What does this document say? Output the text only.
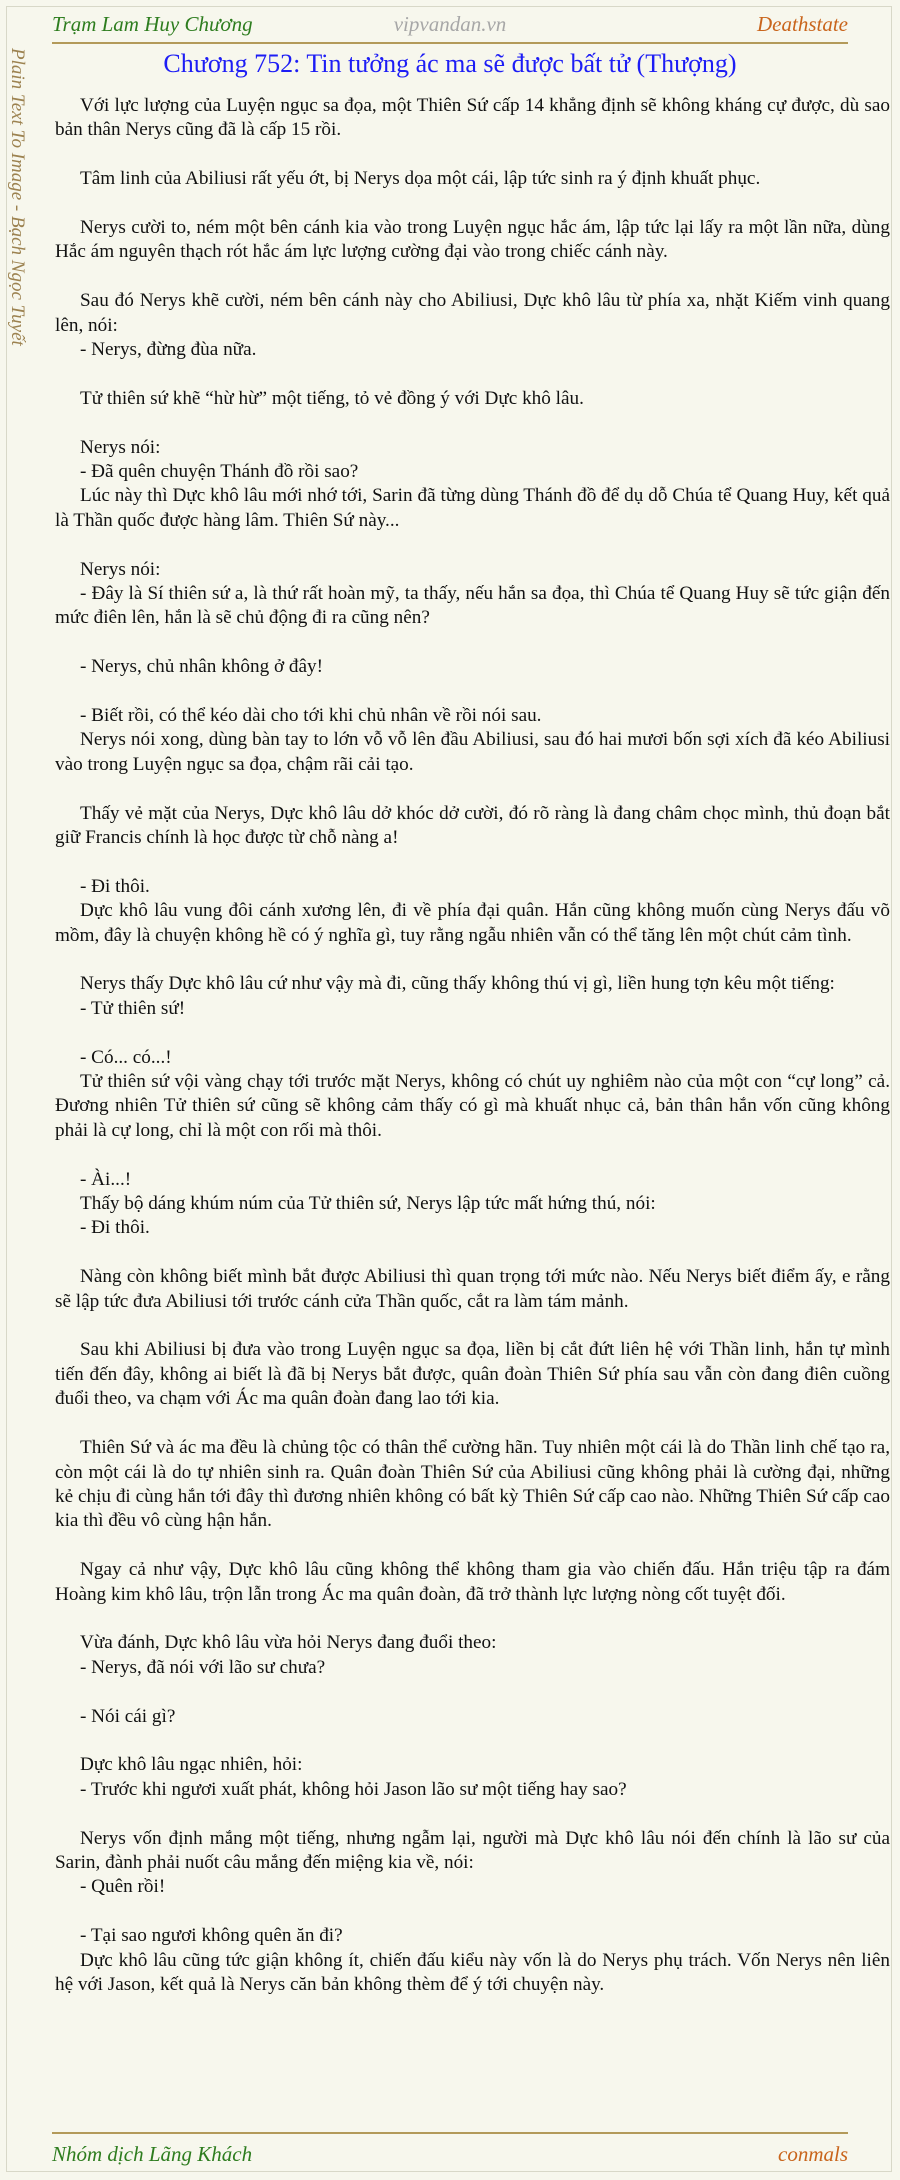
Trạm Lam Huy Chương	vipvandan.vn	Deathstate
Plain Text To Image - Bạch Ngọc Tuyết	Chương 752: Tin tưởng ác ma sẽ được bất tử (Thượng)

Với lực lượng của Luyện ngục sa đọa, một Thiên Sứ cấp 14 khẳng định sẽ không kháng cự được, dù sao bản thân Nerys cũng đã là cấp 15 rồi.

Tâm linh của Abiliusi rất yếu ớt, bị Nerys dọa một cái, lập tức sinh ra ý định khuất phục.

Nerys cười to, ném một bên cánh kia vào trong Luyện ngục hắc ám, lập tức lại lấy ra một lần nữa, dùng Hắc ám nguyên thạch rót hắc ám lực lượng cường đại vào trong chiếc cánh này.

Sau đó Nerys khẽ cười, ném bên cánh này cho Abiliusi, Dực khô lâu từ phía xa, nhặt Kiếm vinh quang lên, nói:

- Nerys, đừng đùa nữa.

Tử thiên sứ khẽ “hừ hừ” một tiếng, tỏ vẻ đồng ý với Dực khô lâu.

Nerys nói:

- Đã quên chuyện Thánh đồ rồi sao?

Lúc này thì Dực khô lâu mới nhớ tới, Sarin đã từng dùng Thánh đồ để dụ dỗ Chúa tể Quang Huy, kết quả là Thần quốc được hàng lâm. Thiên Sứ này...

Nerys nói:

- Đây là Sí thiên sứ a, là thứ rất hoàn mỹ, ta thấy, nếu hắn sa đọa, thì Chúa tể Quang Huy sẽ tức giận đến mức điên lên, hắn là sẽ chủ động đi ra cũng nên?

- Nerys, chủ nhân không ở đây!

- Biết rồi, có thể kéo dài cho tới khi chủ nhân về rồi nói sau.

Nerys nói xong, dùng bàn tay to lớn vỗ vỗ lên đầu Abiliusi, sau đó hai mươi bốn sợi xích đã kéo Abiliusi vào trong Luyện ngục sa đọa, chậm rãi cải tạo.

Thấy vẻ mặt của Nerys, Dực khô lâu dở khóc dở cười, đó rõ ràng là đang châm chọc mình, thủ đoạn bắt giữ Francis chính là học được từ chỗ nàng a!

- Đi thôi.

Dực khô lâu vung đôi cánh xương lên, đi về phía đại quân. Hắn cũng không muốn cùng Nerys đấu võ mồm, đây là chuyện không hề có ý nghĩa gì, tuy rằng ngẫu nhiên vẫn có thể tăng lên một chút cảm tình.

Nerys thấy Dực khô lâu cứ như vậy mà đi, cũng thấy không thú vị gì, liền hung tợn kêu một tiếng:

- Tử thiên sứ!

- Có... có...!

Tử thiên sứ vội vàng chạy tới trước mặt Nerys, không có chút uy nghiêm nào của một con “cự long” cả. Đương nhiên Tử thiên sứ cũng sẽ không cảm thấy có gì mà khuất nhục cả, bản thân hắn vốn cũng không phải là cự long, chỉ là một con rối mà thôi.

- Ài...!

Thấy bộ dáng khúm núm của Tử thiên sứ, Nerys lập tức mất hứng thú, nói:

- Đi thôi.

Nàng còn không biết mình bắt được Abiliusi thì quan trọng tới mức nào. Nếu Nerys biết điểm ấy, e rằng sẽ lập tức đưa Abiliusi tới trước cánh cửa Thần quốc, cắt ra làm tám mảnh.

Sau khi Abiliusi bị đưa vào trong Luyện ngục sa đọa, liền bị cắt đứt liên hệ với Thần linh, hắn tự mình tiến đến đây, không ai biết là đã bị Nerys bắt được, quân đoàn Thiên Sứ phía sau vẫn còn đang điên cuồng đuổi theo, va chạm với Ác ma quân đoàn đang lao tới kia.

Thiên Sứ và ác ma đều là chủng tộc có thân thể cường hãn. Tuy nhiên một cái là do Thần linh chế tạo ra, còn một cái là do tự nhiên sinh ra. Quân đoàn Thiên Sứ của Abiliusi cũng không phải là cường đại, những kẻ chịu đi cùng hắn tới đây thì đương nhiên không có bất kỳ Thiên Sứ cấp cao nào. Những Thiên Sứ cấp cao kia thì đều vô cùng hận hắn.

Ngay cả như vậy, Dực khô lâu cũng không thể không tham gia vào chiến đấu. Hắn triệu tập ra đám Hoàng kim khô lâu, trộn lẫn trong Ác ma quân đoàn, đã trở thành lực lượng nòng cốt tuyệt đối.

Vừa đánh, Dực khô lâu vừa hỏi Nerys đang đuổi theo:

- Nerys, đã nói với lão sư chưa?

- Nói cái gì?

Dực khô lâu ngạc nhiên, hỏi:

- Trước khi ngươi xuất phát, không hỏi Jason lão sư một tiếng hay sao?

Nerys vốn định mắng một tiếng, nhưng ngẫm lại, người mà Dực khô lâu nói đến chính là lão sư của Sarin, đành phải nuốt câu mắng đến miệng kia về, nói:

- Quên rồi!

- Tại sao ngươi không quên ăn đi?

Dực khô lâu cũng tức giận không ít, chiến đấu kiểu này vốn là do Nerys phụ trách. Vốn Nerys nên liên hệ với Jason, kết quả là Nerys căn bản không thèm để ý tới chuyện này.

Nhóm dịch Lãng Khách	conmals
